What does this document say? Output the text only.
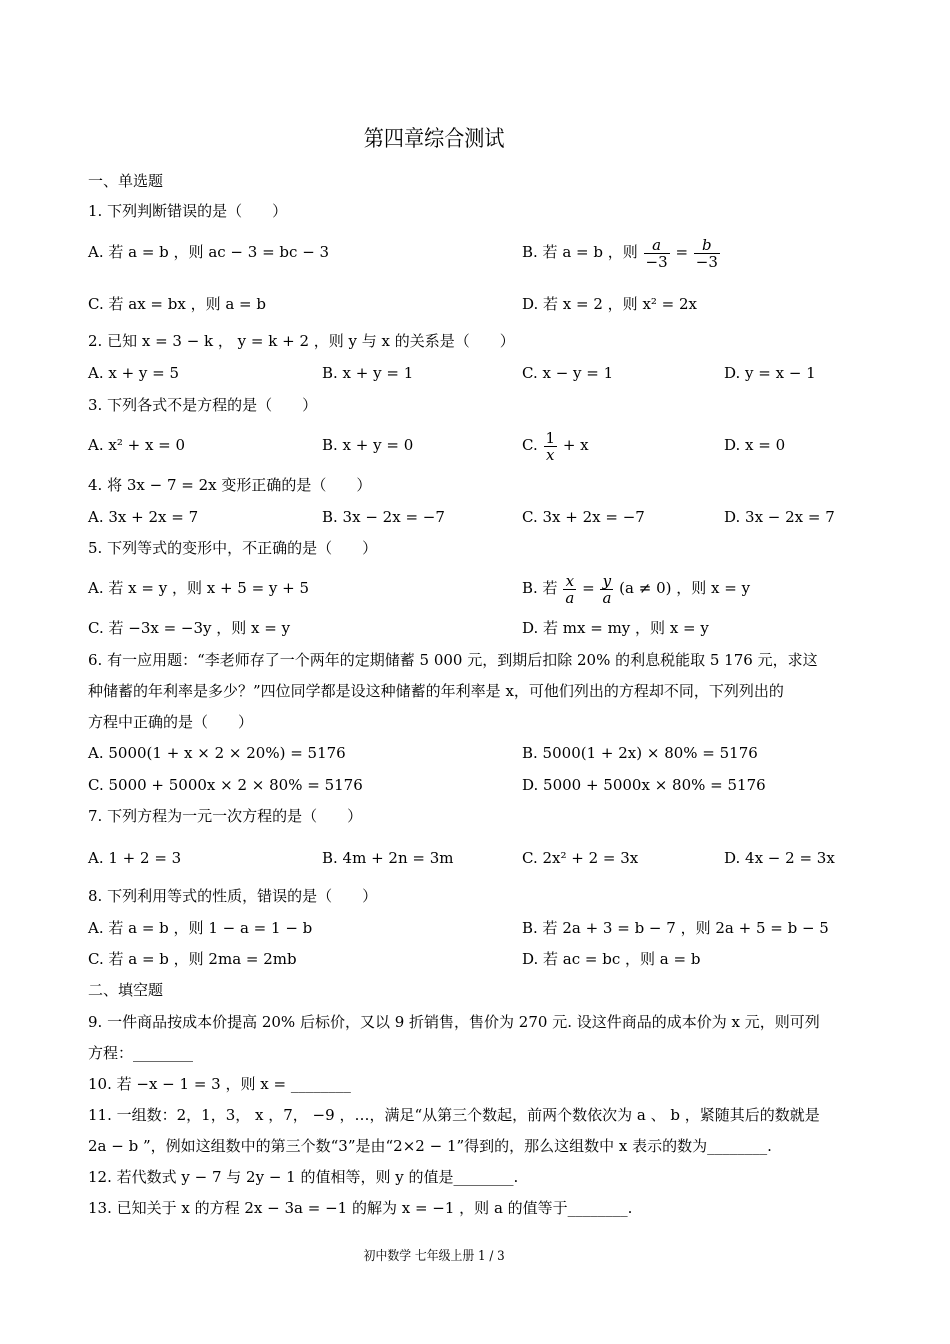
第四章综合测试
一、单选题
1. 下列判断错误的是（　　）
A. 若 a = b ，则 ac − 3 = bc − 3	B. 若 a = b ，则 $\frac{a}{-3} = \frac{b}{-3}$
C. 若 ax = bx ，则 a = b	D. 若 x = 2 ，则 x² = 2x
2. 已知 x = 3 − k ， y = k + 2 ，则 y 与 x 的关系是（　　）
A. x + y = 5	B. x + y = 1	C. x − y = 1	D. y = x − 1
3. 下列各式不是方程的是（　　）
A. x² + x = 0	B. x + y = 0	C. $\frac{1}{x} + x$	D. x = 0
4. 将 3x − 7 = 2x 变形正确的是（　　）
A. 3x + 2x = 7	B. 3x − 2x = −7	C. 3x + 2x = −7	D. 3x − 2x = 7
5. 下列等式的变形中，不正确的是（　　）
A. 若 x = y ，则 x + 5 = y + 5	B. 若 $\frac{x}{a} = \frac{y}{a} (a \ne 0)$ ，则 x = y
C. 若 −3x = −3y ，则 x = y	D. 若 mx = my ，则 x = y
6. 有一应用题：“李老师存了一个两年的定期储蓄 5 000 元，到期后扣除 20% 的利息税能取 5 176 元，求这
种储蓄的年利率是多少？”四位同学都是设这种储蓄的年利率是 x，可他们列出的方程却不同，下列列出的
方程中正确的是（　　）
A. 5000(1 + x × 2 × 20%) = 5176	B. 5000(1 + 2x) × 80% = 5176
C. 5000 + 5000x × 2 × 80% = 5176	D. 5000 + 5000x × 80% = 5176
7. 下列方程为一元一次方程的是（　　）
A. 1 + 2 = 3	B. 4m + 2n = 3m	C. 2x² + 2 = 3x	D. 4x − 2 = 3x
8. 下列利用等式的性质，错误的是（　　）
A. 若 a = b ，则 1 − a = 1 − b	B. 若 2a + 3 = b − 7 ，则 2a + 5 = b − 5
C. 若 a = b ，则 2ma = 2mb	D. 若 ac = bc ，则 a = b
二、填空题
9. 一件商品按成本价提高 20% 后标价，又以 9 折销售，售价为 270 元. 设这件商品的成本价为 x 元，则可列
方程：________
10. 若 −x − 1 = 3 ，则 x = ________
11. 一组数：2，1，3， x ，7， −9 ，…，满足“从第三个数起，前两个数依次为 a 、 b ，紧随其后的数就是
2a − b ”，例如这组数中的第三个数“3”是由“2×2 − 1”得到的，那么这组数中 x 表示的数为________.
12. 若代数式 y − 7 与 2y − 1 的值相等，则 y 的值是________.
13. 已知关于 x 的方程 2x − 3a = −1 的解为 x = −1 ，则 a 的值等于________.
初中数学 七年级上册 1 / 3
